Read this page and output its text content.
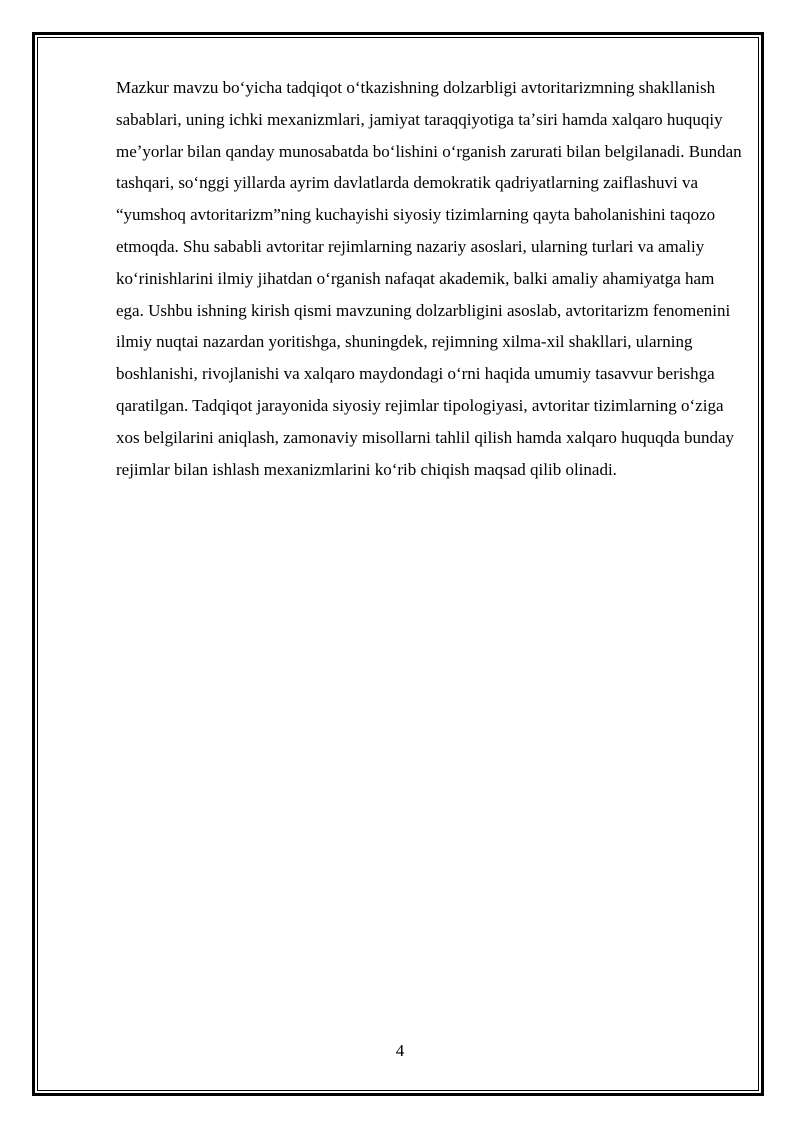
Mazkur mavzu boʻyicha tadqiqot oʻtkazishning dolzarbligi avtoritarizmning shakllanish sabablari, uning ichki mexanizmlari, jamiyat taraqqiyotiga taʼsiri hamda xalqaro huquqiy meʼyorlar bilan qanday munosabatda boʻlishini oʻrganish zarurati bilan belgilanadi. Bundan tashqari, soʻnggi yillarda ayrim davlatlarda demokratik qadriyatlarning zaiflashuvi va “yumshoq avtoritarizm”ning kuchayishi siyosiy tizimlarning qayta baholanishini taqozo etmoqda. Shu sababli avtoritar rejimlarning nazariy asoslari, ularning turlari va amaliy koʻrinishlarini ilmiy jihatdan oʻrganish nafaqat akademik, balki amaliy ahamiyatga ham ega. Ushbu ishning kirish qismi mavzuning dolzarbligini asoslab, avtoritarizm fenomenini ilmiy nuqtai nazardan yoritishga, shuningdek, rejimning xilma-xil shakllari, ularning boshlanishi, rivojlanishi va xalqaro maydondagi oʻrni haqida umumiy tasavvur berishga qaratilgan. Tadqiqot jarayonida siyosiy rejimlar tipologiyasi, avtoritar tizimlarning oʻziga xos belgilarini aniqlash, zamonaviy misollarni tahlil qilish hamda xalqaro huquqda bunday rejimlar bilan ishlash mexanizmlarini koʻrib chiqish maqsad qilib olinadi.

4
